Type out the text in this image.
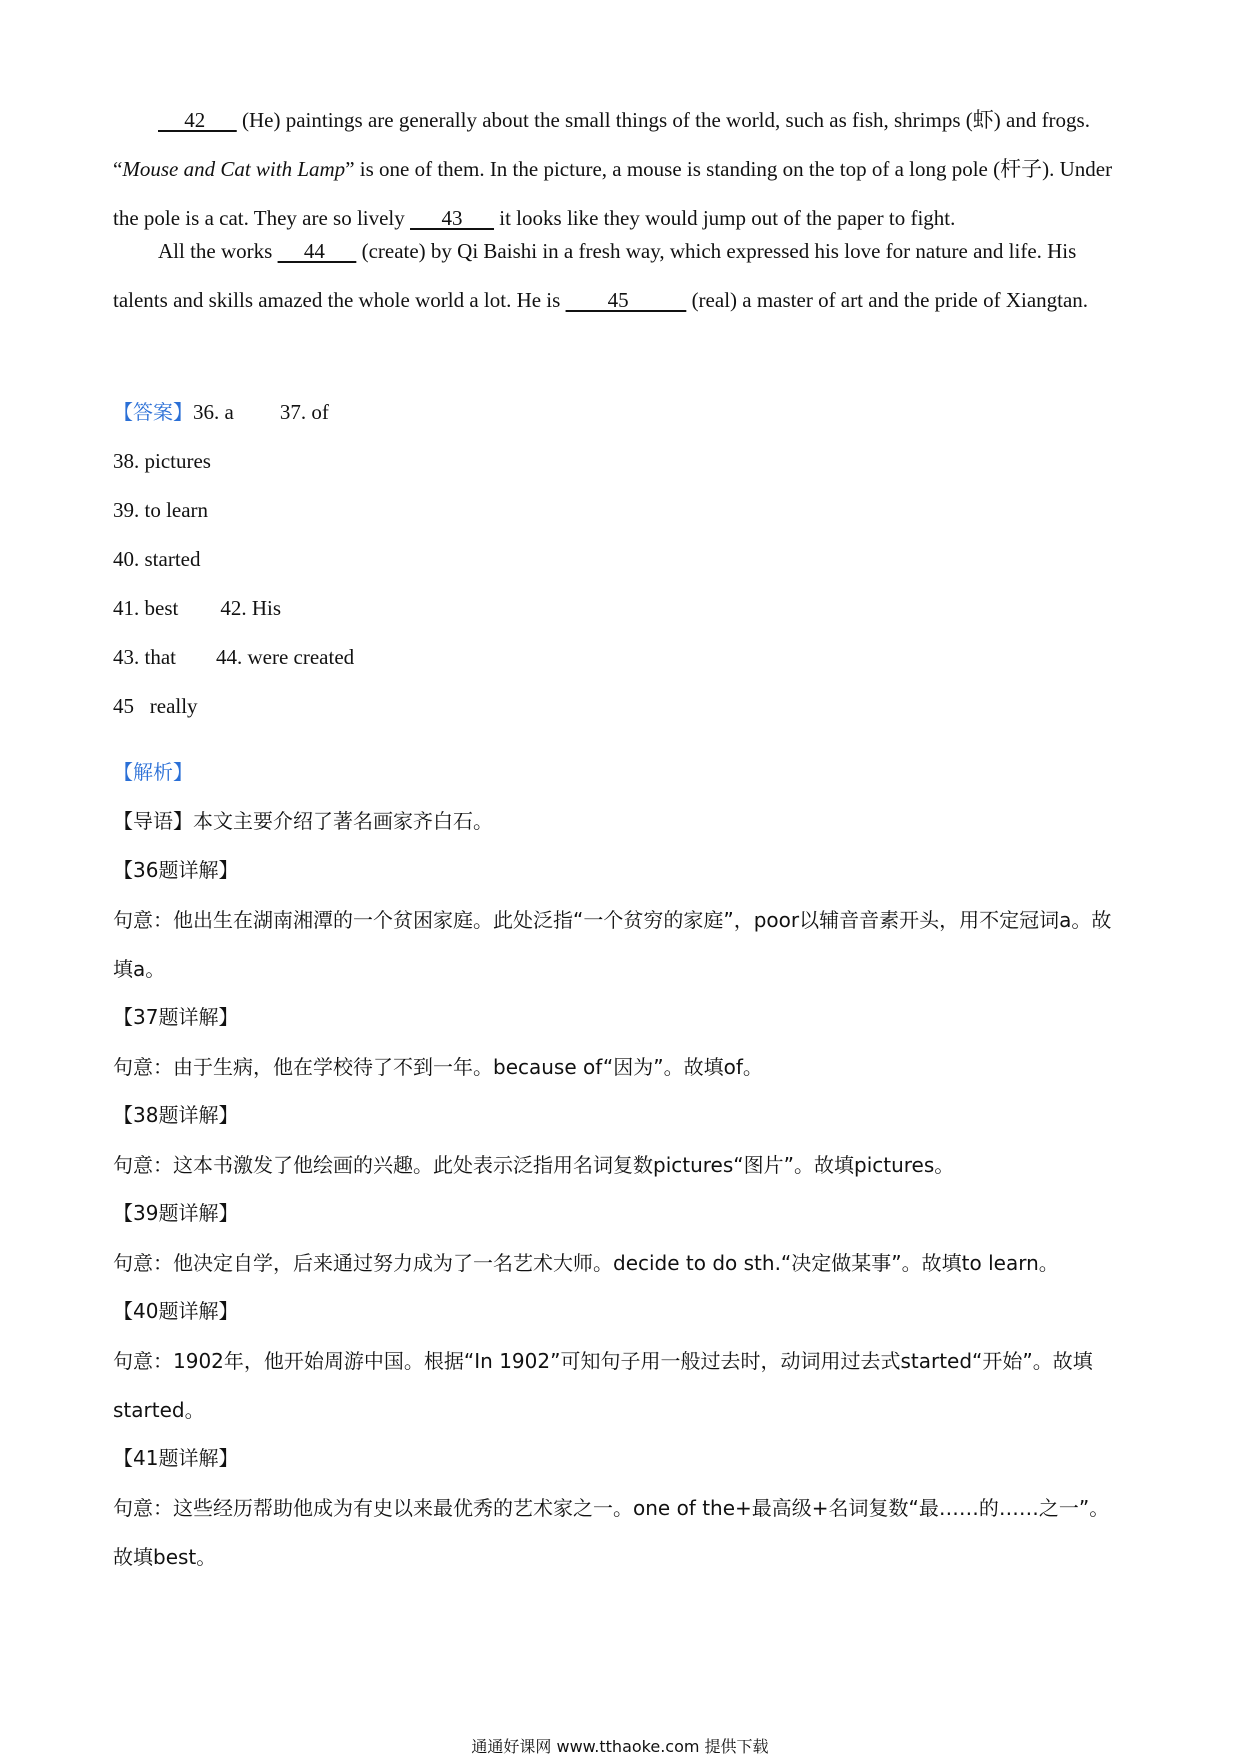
42       (He) paintings are generally about the small things of the world, such as fish, shrimps (虾) and frogs. “Mouse and Cat with Lamp” is one of them. In the picture, a mouse is standing on the top of a long pole (杆子). Under the pole is a cat. They are so lively       43       it looks like they would jump out of the paper to fight.

All the works      44       (create) by Qi Baishi in a fresh way, which expressed his love for nature and life. His talents and skills amazed the whole world a lot. He is         45            (real) a master of art and the pride of Xiangtan.

【答案】36. a 37. of
38. pictures
39. to learn
40. started
41. best 42. His
43. that 44. were created
45   really
【解析】
【导语】本文主要介绍了著名画家齐白石。
【36题详解】

句意：他出生在湖南湘潭的一个贫困家庭。此处泛指“一个贫穷的家庭”，poor以辅音音素开头，用不定冠词a。故填a。

【37题详解】

句意：由于生病，他在学校待了不到一年。because of“因为”。故填of。

【38题详解】

句意：这本书激发了他绘画的兴趣。此处表示泛指用名词复数pictures“图片”。故填pictures。

【39题详解】

句意：他决定自学，后来通过努力成为了一名艺术大师。decide to do sth.“决定做某事”。故填to learn。

【40题详解】

句意：1902年，他开始周游中国。根据“In 1902”可知句子用一般过去时，动词用过去式started“开始”。故填started。

【41题详解】

句意：这些经历帮助他成为有史以来最优秀的艺术家之一。one of the+最高级+名词复数“最……的……之一”。故填best。

通通好课网 www.tthaoke.com 提供下载
